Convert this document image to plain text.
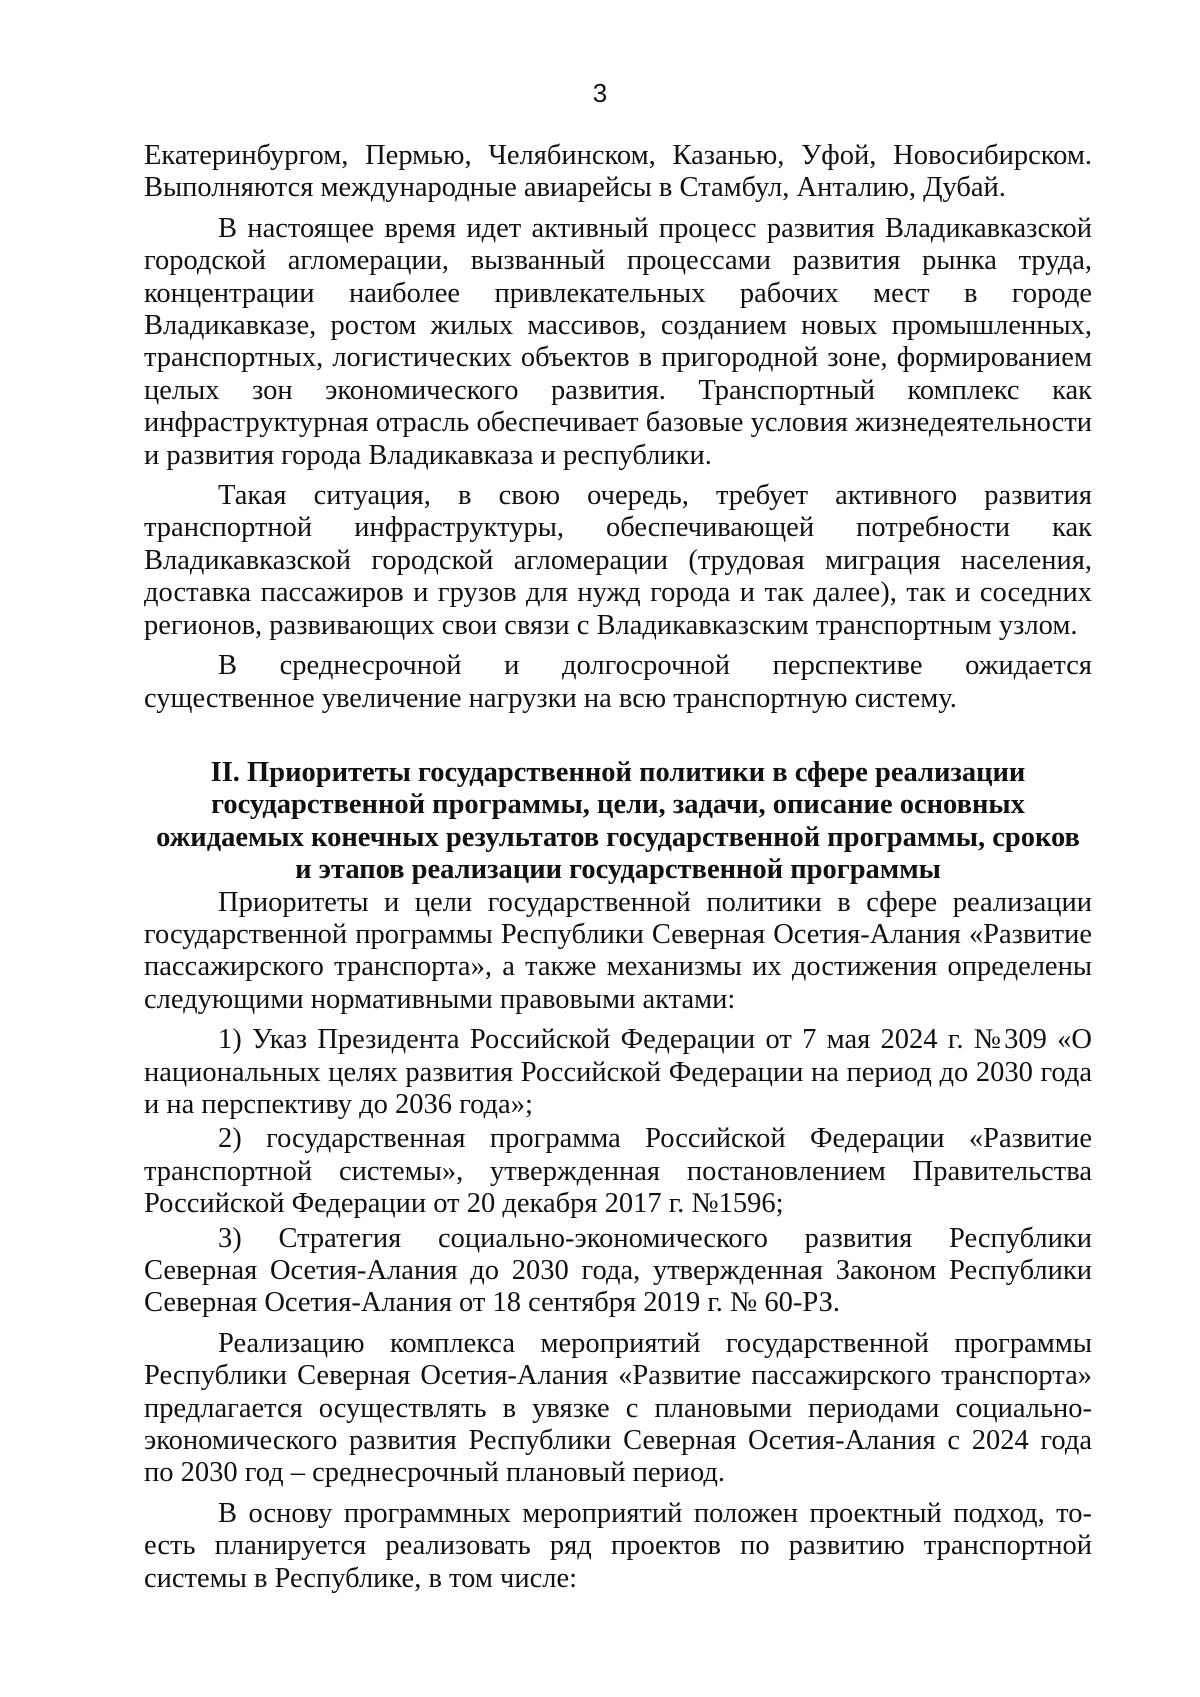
3

Екатеринбургом, Пермью, Челябинском, Казанью, Уфой, Новосибирском. Выполняются международные авиарейсы в Стамбул, Анталию, Дубай.

В настоящее время идет активный процесс развития Владикавказской городской агломерации, вызванный процессами развития рынка труда, концентрации наиболее привлекательных рабочих мест в городе Владикавказе, ростом жилых массивов, созданием новых промышленных, транспортных, логистических объектов в пригородной зоне, формированием целых зон экономического развития. Транспортный комплекс как инфраструктурная отрасль обеспечивает базовые условия жизнедеятельности и развития города Владикавказа и республики.

Такая ситуация, в свою очередь, требует активного развития транспортной инфраструктуры, обеспечивающей потребности как Владикавказской городской агломерации (трудовая миграция населения, доставка пассажиров и грузов для нужд города и так далее), так и соседних регионов, развивающих свои связи с Владикавказским транспортным узлом.

В среднесрочной и долгосрочной перспективе ожидается существенное увеличение нагрузки на всю транспортную систему.

II. Приоритеты государственной политики в сфере реализации
государственной программы, цели, задачи, описание основных
ожидаемых конечных результатов государственной программы, сроков
и этапов реализации государственной программы

Приоритеты и цели государственной политики в сфере реализации государственной программы Республики Северная Осетия-Алания «Развитие пассажирского транспорта», а также механизмы их достижения определены следующими нормативными правовыми актами:

1) Указ Президента Российской Федерации от 7 мая 2024 г. №309 «О национальных целях развития Российской Федерации на период до 2030 года и на перспективу до 2036 года»;

2) государственная программа Российской Федерации «Развитие транспортной системы», утвержденная постановлением Правительства Российской Федерации от 20 декабря 2017 г. №1596;

3) Стратегия социально-экономического развития Республики Северная Осетия-Алания до 2030 года, утвержденная Законом Республики Северная Осетия-Алания от 18 сентября 2019 г. № 60-РЗ.

Реализацию комплекса мероприятий государственной программы Республики Северная Осетия-Алания «Развитие пассажирского транспорта» предлагается осуществлять в увязке с плановыми периодами социально-экономического развития Республики Северная Осетия-Алания с 2024 года по 2030 год – среднесрочный плановый период.

В основу программных мероприятий положен проектный подход, то-есть планируется реализовать ряд проектов по развитию транспортной системы в Республике, в том числе:
